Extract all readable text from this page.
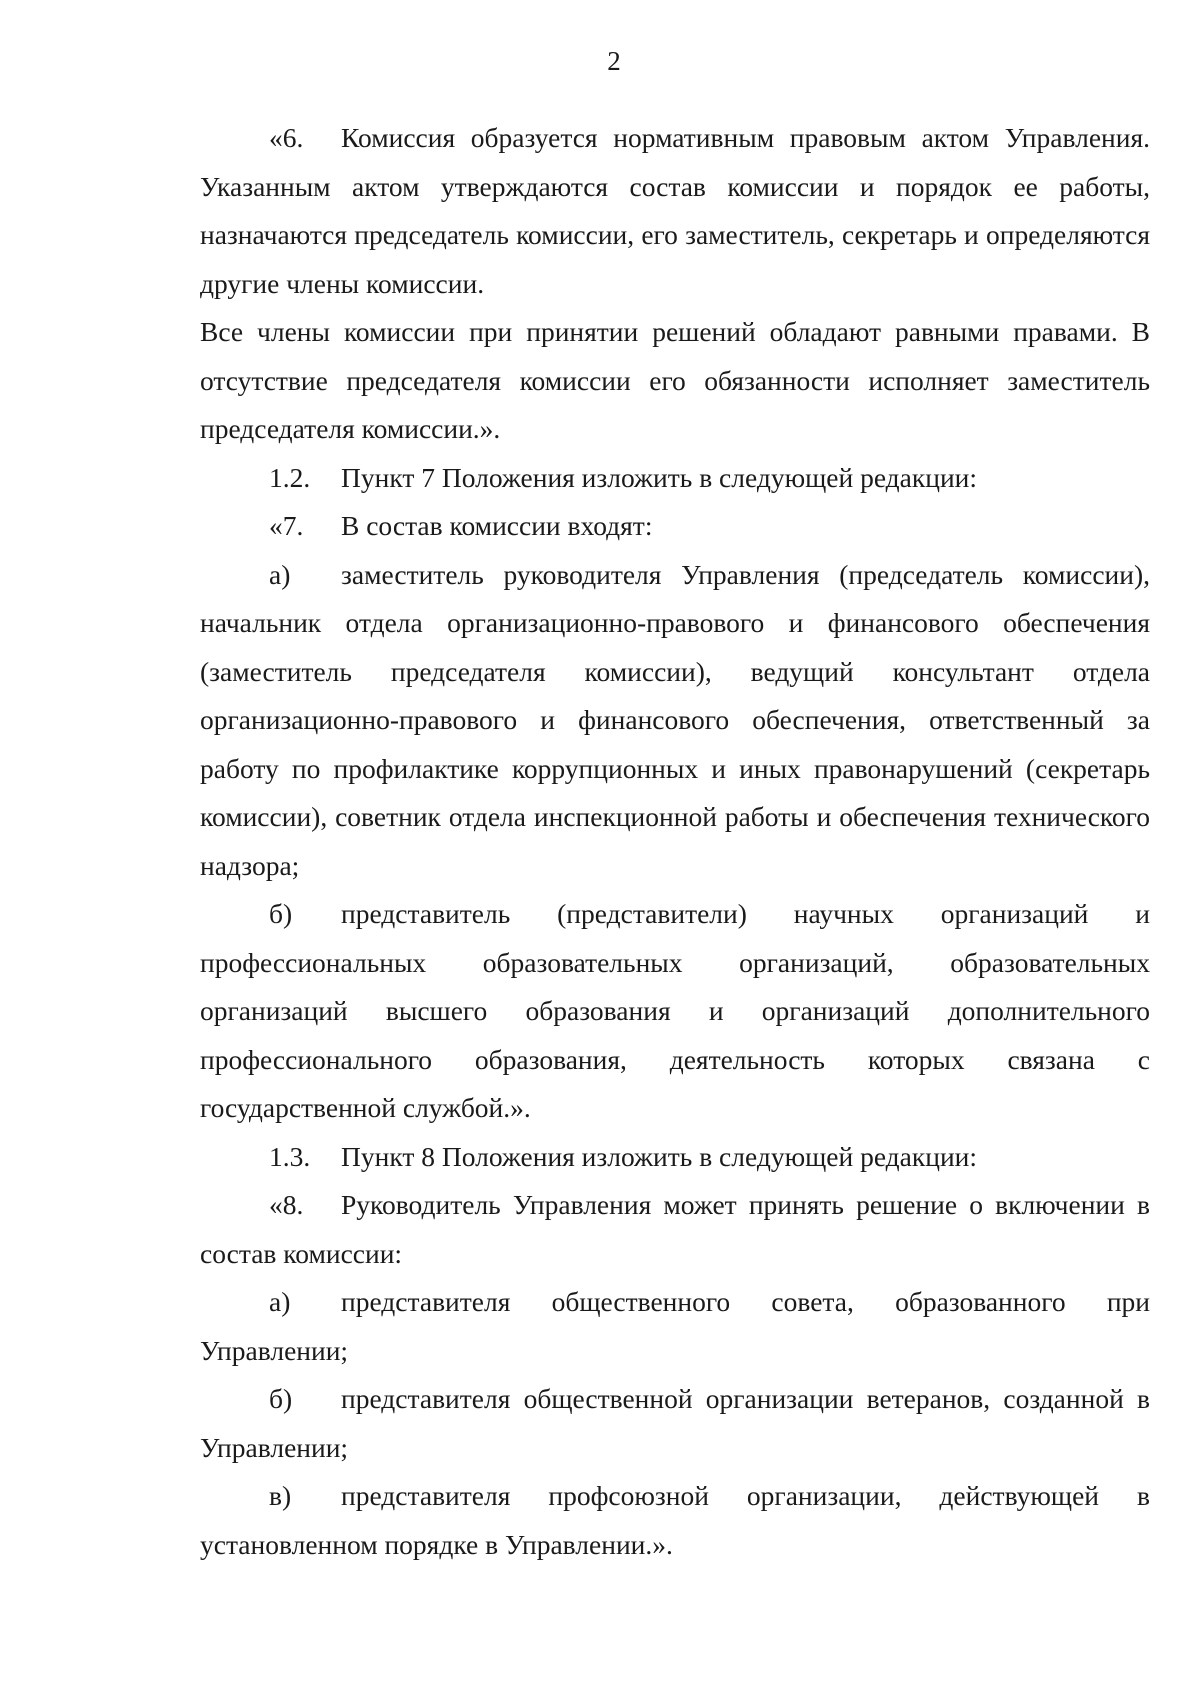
2

«6. Комиссия образуется нормативным правовым актом Управления. Указанным актом утверждаются состав комиссии и порядок ее работы, назначаются председатель комиссии, его заместитель, секретарь и определяются другие члены комиссии.

Все члены комиссии при принятии решений обладают равными правами. В отсутствие председателя комиссии его обязанности исполняет заместитель председателя комиссии.».

1.2. Пункт 7 Положения изложить в следующей редакции:

«7. В состав комиссии входят:

а) заместитель руководителя Управления (председатель комиссии), начальник отдела организационно-правового и финансового обеспечения (заместитель председателя комиссии), ведущий консультант отдела организационно-правового и финансового обеспечения, ответственный за работу по профилактике коррупционных и иных правонарушений (секретарь комиссии), советник отдела инспекционной работы и обеспечения технического надзора;

б) представитель (представители) научных организаций и профессиональных образовательных организаций, образовательных организаций высшего образования и организаций дополнительного профессионального образования, деятельность которых связана с государственной службой.».

1.3. Пункт 8 Положения изложить в следующей редакции:

«8. Руководитель Управления может принять решение о включении в состав комиссии:

а) представителя общественного совета, образованного при Управлении;

б) представителя общественной организации ветеранов, созданной в Управлении;

в) представителя профсоюзной организации, действующей в установленном порядке в Управлении.».
